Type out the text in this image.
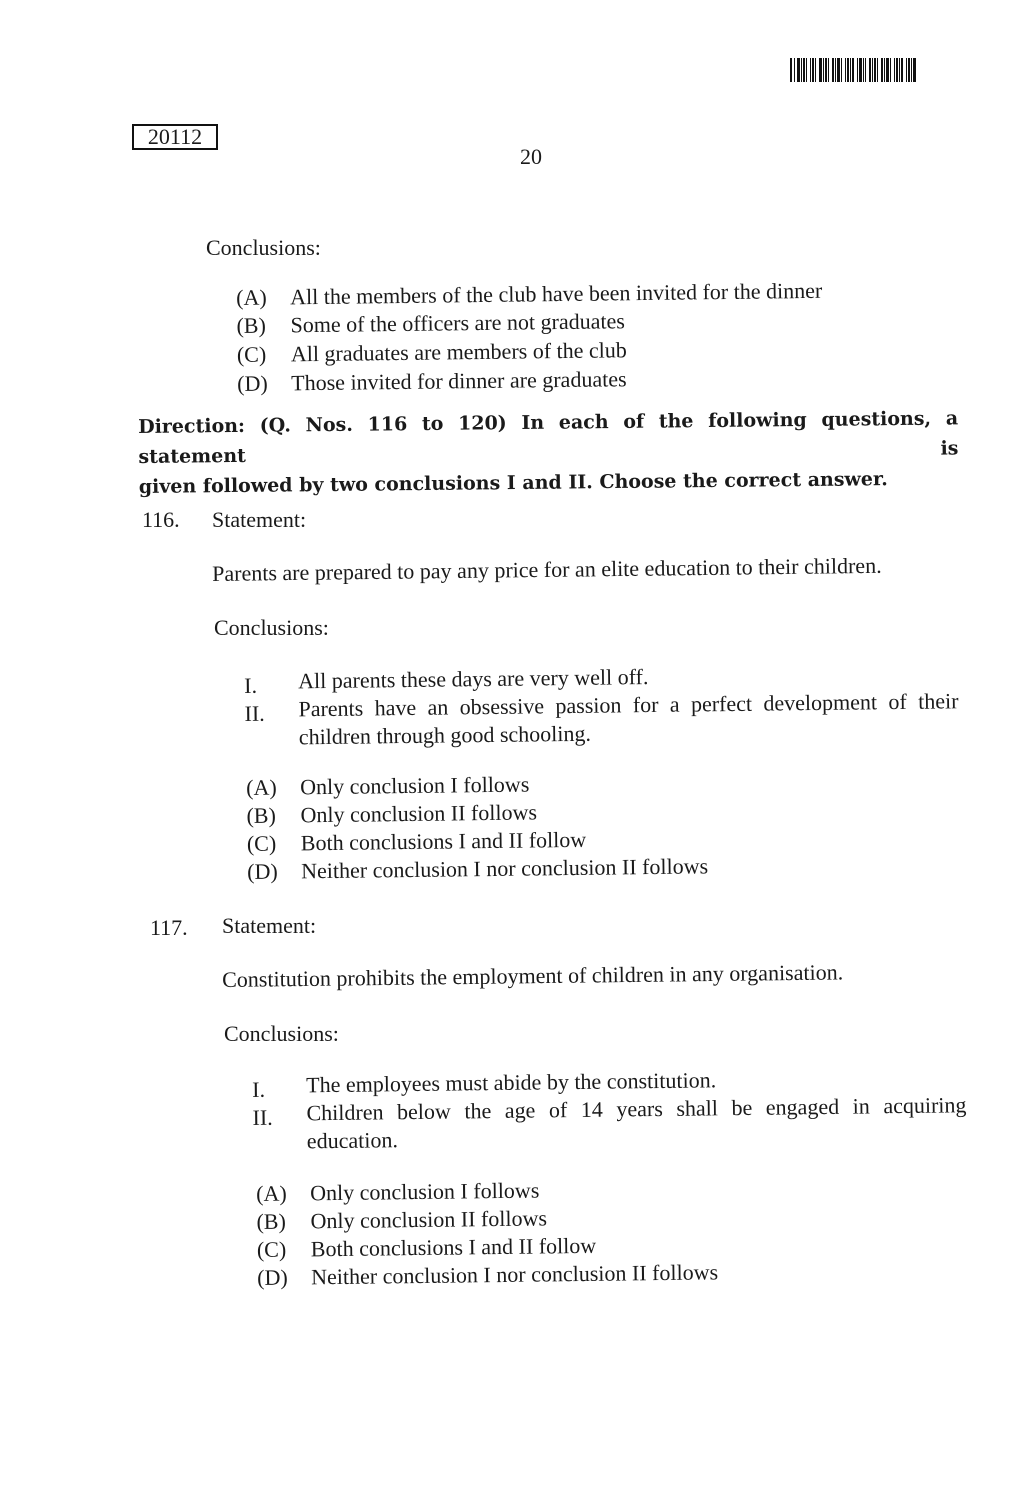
20112
20
Conclusions:
(A) All the members of the club have been invited for the dinner
(B) Some of the officers are not graduates
(C) All graduates are members of the club
(D) Those invited for dinner are graduates
Direction: (Q. Nos. 116 to 120) In each of the following questions, a statement is
given followed by two conclusions I and II. Choose the correct answer.
116. Statement:
Parents are prepared to pay any price for an elite education to their children.
Conclusions:
I. All parents these days are very well off.
II. Parents have an obsessive passion for a perfect development of their
children through good schooling.
(A) Only conclusion I follows
(B) Only conclusion II follows
(C) Both conclusions I and II follow
(D) Neither conclusion I nor conclusion II follows
117. Statement:
Constitution prohibits the employment of children in any organisation.
Conclusions:
I. The employees must abide by the constitution.
II. Children below the age of 14 years shall be engaged in acquiring
education.
(A) Only conclusion I follows
(B) Only conclusion II follows
(C) Both conclusions I and II follow
(D) Neither conclusion I nor conclusion II follows
